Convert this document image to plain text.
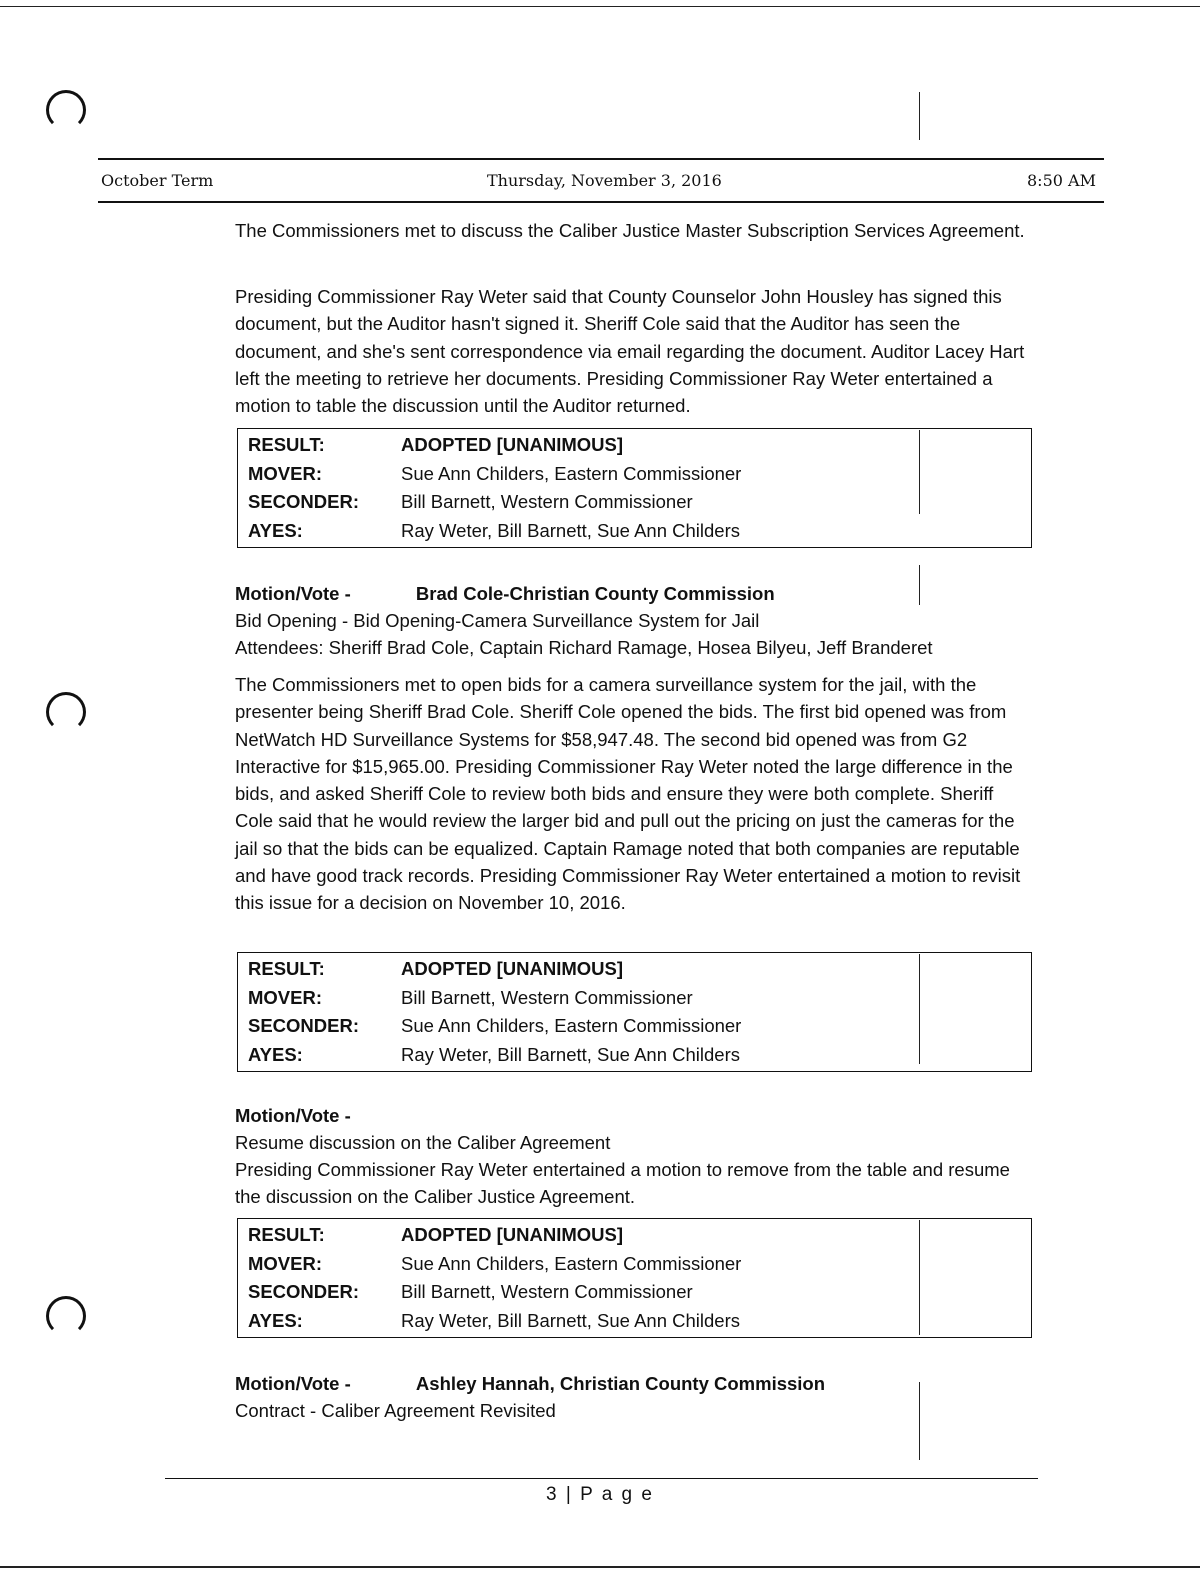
October Term	Thursday, November 3, 2016	8:50 AM

The Commissioners met to discuss the Caliber Justice Master Subscription Services Agreement.

Presiding Commissioner Ray Weter said that County Counselor John Housley has signed this document, but the Auditor hasn't signed it. Sheriff Cole said that the Auditor has seen the document, and she's sent correspondence via email regarding the document. Auditor Lacey Hart left the meeting to retrieve her documents. Presiding Commissioner Ray Weter entertained a motion to table the discussion until the Auditor returned.

RESULT:	ADOPTED [UNANIMOUS]
MOVER:	Sue Ann Childers, Eastern Commissioner
SECONDER:	Bill Barnett, Western Commissioner
AYES:	Ray Weter, Bill Barnett, Sue Ann Childers
Motion/Vote -	Brad Cole-Christian County Commission
Bid Opening - Bid Opening-Camera Surveillance System for Jail
Attendees: Sheriff Brad Cole, Captain Richard Ramage, Hosea Bilyeu, Jeff Branderet

The Commissioners met to open bids for a camera surveillance system for the jail, with the presenter being Sheriff Brad Cole. Sheriff Cole opened the bids. The first bid opened was from NetWatch HD Surveillance Systems for $58,947.48. The second bid opened was from G2 Interactive for $15,965.00. Presiding Commissioner Ray Weter noted the large difference in the bids, and asked Sheriff Cole to review both bids and ensure they were both complete. Sheriff Cole said that he would review the larger bid and pull out the pricing on just the cameras for the jail so that the bids can be equalized. Captain Ramage noted that both companies are reputable and have good track records. Presiding Commissioner Ray Weter entertained a motion to revisit this issue for a decision on November 10, 2016.

RESULT:	ADOPTED [UNANIMOUS]
MOVER:	Bill Barnett, Western Commissioner
SECONDER:	Sue Ann Childers, Eastern Commissioner
AYES:	Ray Weter, Bill Barnett, Sue Ann Childers
Motion/Vote -
Resume discussion on the Caliber Agreement

Presiding Commissioner Ray Weter entertained a motion to remove from the table and resume the discussion on the Caliber Justice Agreement.

RESULT:	ADOPTED [UNANIMOUS]
MOVER:	Sue Ann Childers, Eastern Commissioner
SECONDER:	Bill Barnett, Western Commissioner
AYES:	Ray Weter, Bill Barnett, Sue Ann Childers
Motion/Vote -	Ashley Hannah, Christian County Commission
Contract - Caliber Agreement Revisited
3 | P a g e
